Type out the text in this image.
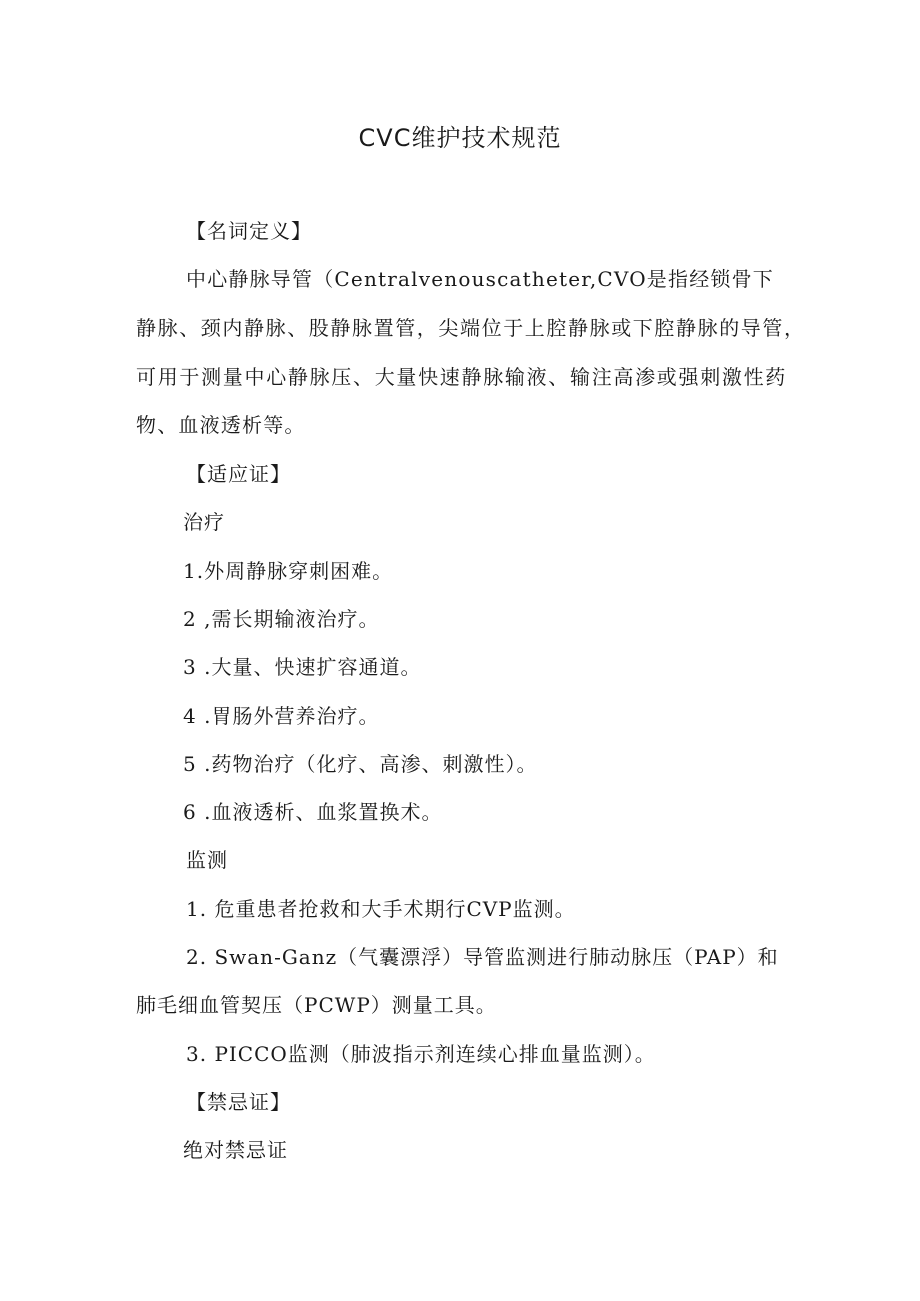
CVC维护技术规范
【名词定义】
中心静脉导管（Centralvenouscatheter,CVO是指经锁骨下
静脉、颈内静脉、股静脉置管，尖端位于上腔静脉或下腔静脉的导管，
可用于测量中心静脉压、大量快速静脉输液、输注高渗或强刺激性药
物、血液透析等。
【适应证】
治疗
1.外周静脉穿刺困难。
2 ,需长期输液治疗。
3 .大量、快速扩容通道。
4 .胃肠外营养治疗。
5 .药物治疗（化疗、高渗、刺激性）。
6 .血液透析、血浆置换术。
监测
1. 危重患者抢救和大手术期行CVP监测。
2. Swan-Ganz（气囊漂浮）导管监测进行肺动脉压（PAP）和
肺毛细血管契压（PCWP）测量工具。
3. PICCO监测（肺波指示剂连续心排血量监测）。
【禁忌证】
绝对禁忌证
